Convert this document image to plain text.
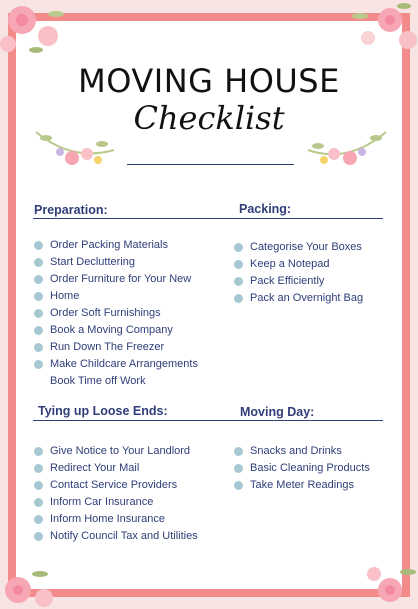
MOVING HOUSE
Checklist
Preparation:	Packing:
Order Packing Materials
Start Decluttering
Order Furniture for Your New
Home
Order Soft Furnishings
Book a Moving Company
Run Down The Freezer
Make Childcare Arrangements
Book Time off Work
Categorise Your Boxes
Keep a Notepad
Pack Efficiently
Pack an Overnight Bag
Tying up Loose Ends:	Moving Day:
Give Notice to Your Landlord
Redirect Your Mail
Contact Service Providers
Inform Car Insurance
Inform Home Insurance
Notify Council Tax and Utilities
Snacks and Drinks
Basic Cleaning Products
Take Meter Readings
